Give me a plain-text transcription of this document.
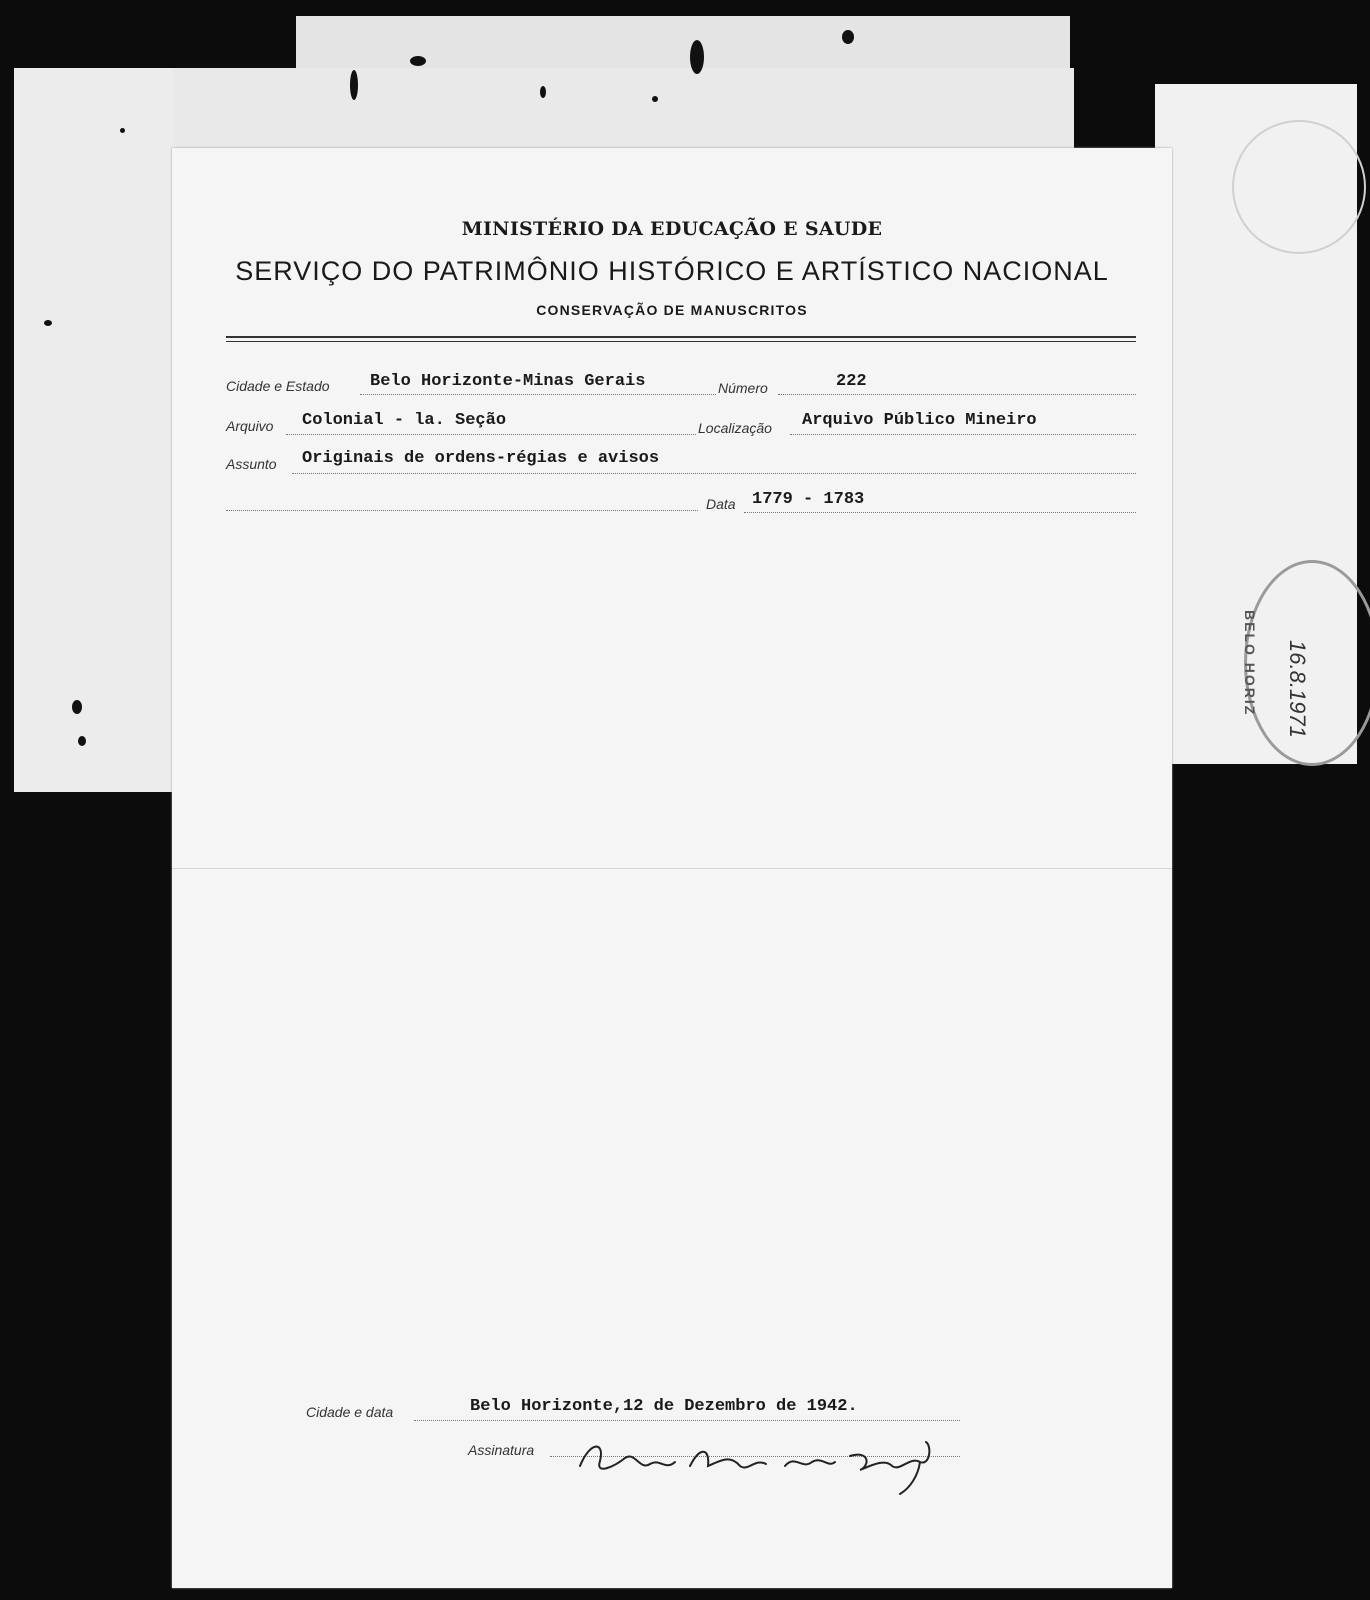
BELO HORIZ 16.8.1971
MINISTÉRIO DA EDUCAÇÃO E SAUDE
SERVIÇO DO PATRIMÔNIO HISTÓRICO E ARTÍSTICO NACIONAL
CONSERVAÇÃO DE MANUSCRITOS
Cidade e Estado Belo Horizonte-Minas Gerais	Número	222
Arquivo Colonial - la. Seção	Localização Arquivo Público Mineiro
Assunto Originais de ordens-régias e avisos
Data 1779 - 1783
Cidade e data	Belo Horizonte,12 de Dezembro de 1942.
Assinatura
